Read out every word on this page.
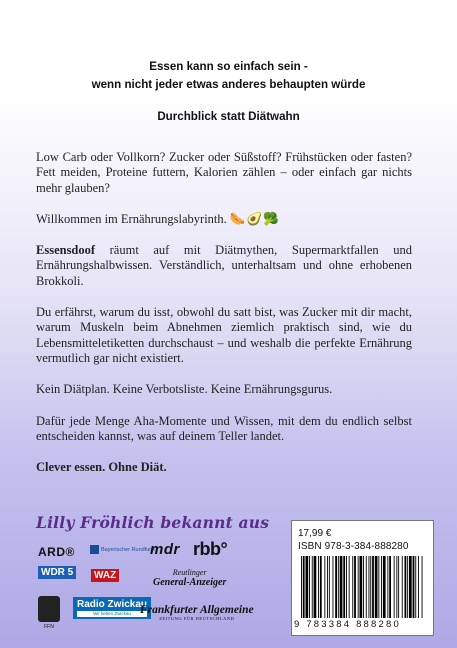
Essen kann so einfach sein -
wenn nicht jeder etwas anderes behaupten würde
Durchblick statt Diätwahn

Low Carb oder Vollkorn? Zucker oder Süßstoff? Frühstücken oder fasten? Fett meiden, Proteine futtern, Kalorien zählen – oder einfach gar nichts mehr glauben?

Willkommen im Ernährungslabyrinth. 🌭🥑🥦

Essensdoof räumt auf mit Diätmythen, Supermarktfallen und Ernährungshalbwissen. Verständlich, unterhaltsam und ohne erhobenen Brokkoli.

Du erfährst, warum du isst, obwohl du satt bist, was Zucker mit dir macht, warum Muskeln beim Abnehmen ziemlich praktisch sind, wie du Lebensmitteletiketten durchschaust – und weshalb die perfekte Ernährung vermutlich gar nicht existiert.

Kein Diätplan. Keine Verbotsliste. Keine Ernährungsgurus.

Dafür jede Menge Aha-Momente und Wissen, mit dem du endlich selbst entscheiden kannst, was auf deinem Teller landet.

Clever essen. Ohne Diät.

Lilly Fröhlich bekannt aus
ARD®	Bayerischer Rundfunk
mdr rbb°
WDR 5	WAZ	Reutlinger
General-Anzeiger
FFN
Radio Zwickau
Wir lieben Zwickau Frankfurter Allgemeine
ZEITUNG FÜR DEUTSCHLAND
17,99 €
ISBN 978-3-384-888280
9 783384 888280
